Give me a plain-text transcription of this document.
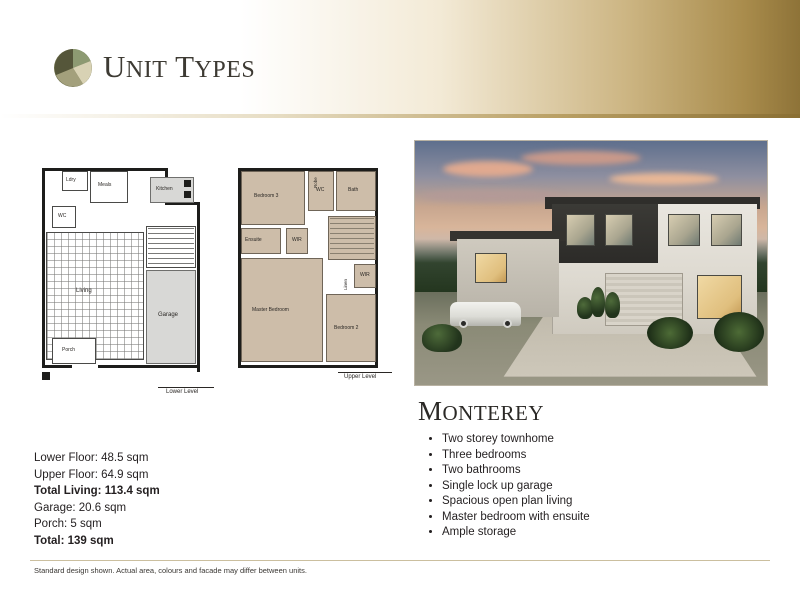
UNIT TYPES
Ldry
Meals
Kitchen
WC
Living
Garage
Porch
Lower Level
Bedroom 3
WC	Bath
Ensuite	WIR
Master Bedroom
Bedroom 2
WIR
Linen
Robe
Upper Level
Lower Floor: 48.5 sqm
Upper Floor: 64.9 sqm
Total Living: 113.4 sqm
Garage: 20.6 sqm
Porch: 5 sqm
Total: 139 sqm
MONTEREY
• Two storey townhome
• Three bedrooms
• Two bathrooms
• Single lock up garage
• Spacious open plan living
• Master bedroom with ensuite
• Ample storage
Standard design shown. Actual area, colours and facade may differ between units.
